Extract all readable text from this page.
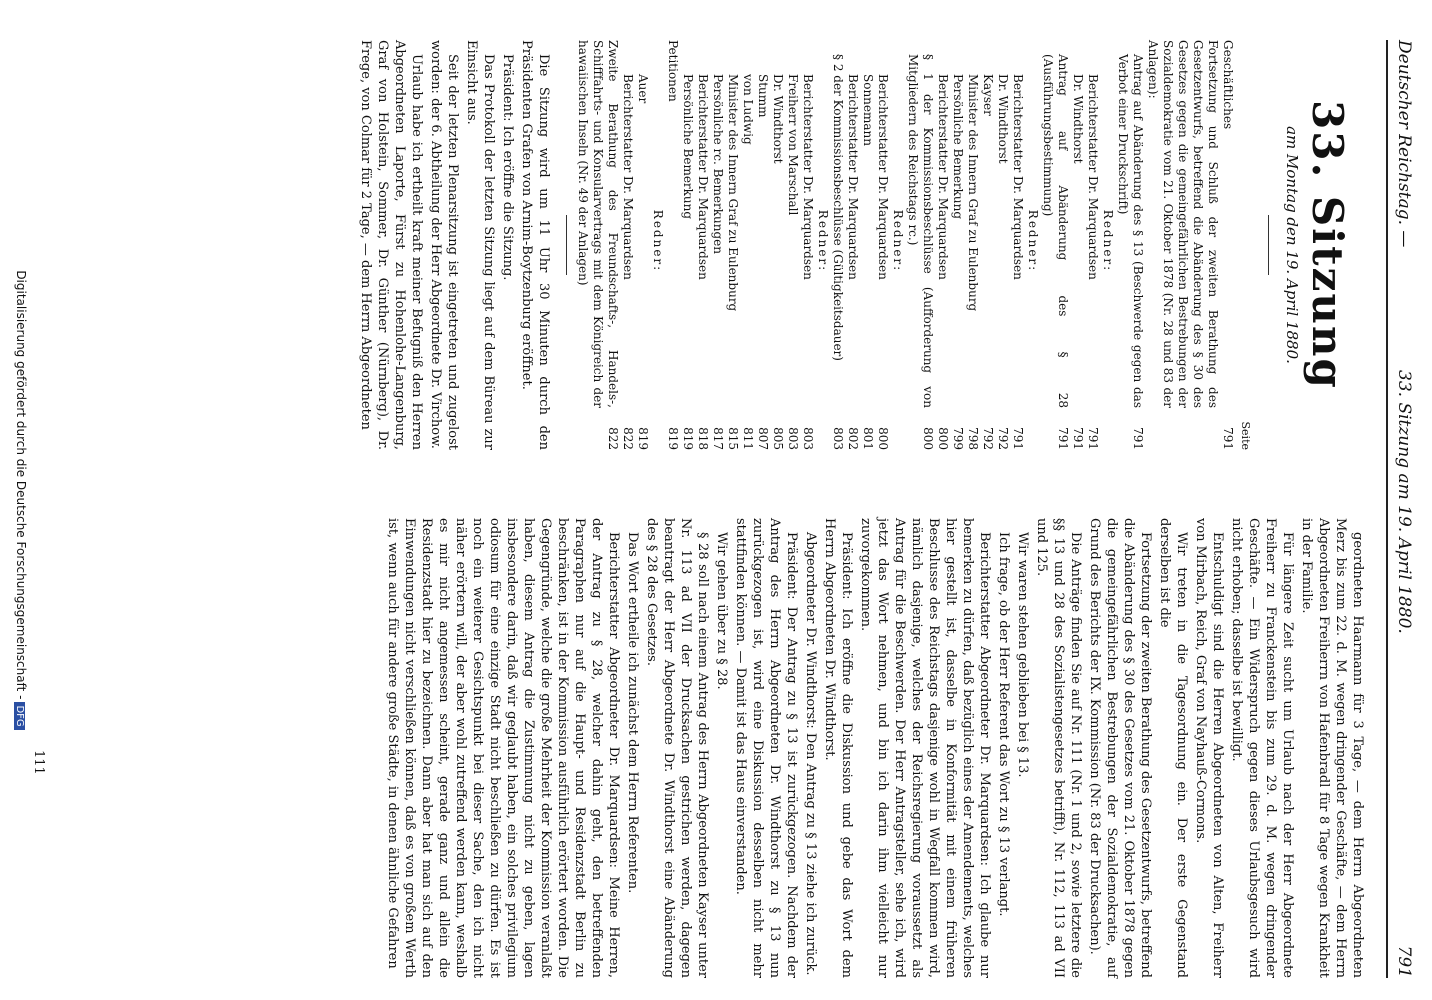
Deutscher Reichstag. —
33. Sitzung am 19. April 1880.
791
33. Sitzung
am Montag den 19. April 1880.
Seite
Geschäftliches
791
Fortsetzung und Schluß der zweiten Berathung des Gesetzentwurfs, betreffend die Abänderung des § 30 des Gesetzes gegen die gemeingefährlichen Bestrebungen der Sozialdemokratie vom 21. Oktober 1878 (Nr. 28 und 83 der Anlagen):
Antrag auf Abänderung des § 13 (Beschwerde gegen das Verbot einer Druckschrift)
791
Redner:
Berichterstatter Dr. Marquardsen
791
Dr. Windthorst
791
Antrag auf Abänderung des § 28 (Ausführungsbestimmung)
791
Redner:
Berichterstatter Dr. Marquardsen
791
Dr. Windthorst
792
Kayser
792
Minister des Innern Graf zu Eulenburg
798
Persönliche Bemerkung
799
Berichterstatter Dr. Marquardsen
800
§ 1 der Kommissionsbeschlüsse (Aufforderung von Mitgliedern des Reichstags rc.)
800
Redner:
Berichterstatter Dr. Marquardsen
800
Sonnemann
801
Berichterstatter Dr. Marquardsen
802
§ 2 der Kommissionsbeschlüsse (Gültigkeitsdauer)
803
Redner:
Berichterstatter Dr. Marquardsen
803
Freiherr von Marschall
803
Dr. Windthorst
805
Stumm
807
von Ludwig
811
Minister des Innern Graf zu Eulenburg
815
Persönliche rc. Bemerkungen
817
Berichterstatter Dr. Marquardsen
818
Persönliche Bemerkung
819
Petitionen
819
Redner:
Auer
819
Berichterstatter Dr. Marquardsen
822
Zweite Berathung des Freundschafts-, Handels-, Schifffahrts- und Konsularvertrags mit dem Königreich der hawaiischen Inseln (Nr. 49 der Anlagen)
822

Die Sitzung wird um 11 Uhr 30 Minuten durch den Präsidenten Grafen von Arnim-Boytzenburg eröffnet.

Präsident: Ich eröffne die Sitzung.

Das Protokoll der letzten Sitzung liegt auf dem Büreau zur Einsicht aus.

Seit der letzten Plenarsitzung ist eingetreten und zugelost worden: der 6. Abtheilung der Herr Abgeordnete Dr. Virchow.

Urlaub habe ich ertheilt kraft meiner Befugniß den Herren Abgeordneten Laporte, Fürst zu Hohenlohe-Langenburg, Graf von Holstein, Sommer, Dr. Günther (Nürnberg), Dr. Frege, von Colmar für 2 Tage, — dem Herrn Abgeordneten

geordneten Haarmann für 3 Tage, — dem Herrn Abgeordneten Merz bis zum 22. d. M. wegen dringender Geschäfte, — dem Herrn Abgeordneten Freiherrn von Hafenbradl für 8 Tage wegen Krankheit in der Familie.

Für längere Zeit sucht um Urlaub nach der Herr Abgeordnete Freiherr zu Franckenstein bis zum 29. d. M. wegen dringender Geschäfte. — Ein Widerspruch gegen dieses Urlaubsgesuch wird nicht erhoben; dasselbe ist bewilligt.

Entschuldigt sind die Herren Abgeordneten von Alten, Freiherr von Mirbach, Reich, Graf von Nayhauß-Cormons.

Wir treten in die Tagesordnung ein. Der erste Gegenstand derselben ist die

Fortsetzung der zweiten Berathung des Gesetzentwurfs, betreffend die Abänderung des § 30 des Gesetzes vom 21. Oktober 1878 gegen die gemeingefährlichen Bestrebungen der Sozialdemokratie, auf Grund des Berichts der IX. Kommission (Nr. 83 der Drucksachen).

Die Anträge finden Sie auf Nr. 111 (Nr. 1 und 2, sowie letztere die §§ 13 und 28 des Sozialistengesetzes betrifft), Nr. 112, 113 ad VII und 125.

Wir waren stehen geblieben bei § 13.

Ich frage, ob der Herr Referent das Wort zu § 13 verlangt.

Berichterstatter Abgeordneter Dr. Marquardsen: Ich glaube nur bemerken zu dürfen, daß bezüglich eines der Amendements, welches hier gestellt ist, dasselbe in Konformität mit einem früheren Beschlusse des Reichstags dasjenige wohl in Wegfall kommen wird, nämlich dasjenige, welches der Reichsregierung voraussetzt als Antrag für die Beschwerden. Der Herr Antragsteller, sehe ich, wird jetzt das Wort nehmen, und bin ich darin ihm vielleicht nur zuvorgekommen.

Präsident: Ich eröffne die Diskussion und gebe das Wort dem Herrn Abgeordneten Dr. Windthorst.

Abgeordneter Dr. Windthorst: Den Antrag zu § 13 ziehe ich zurück.

Präsident: Der Antrag zu § 13 ist zurückgezogen. Nachdem der Antrag des Herrn Abgeordneten Dr. Windthorst zu § 13 nun zurückgezogen ist, wird eine Diskussion desselben nicht mehr stattfinden können. — Damit ist das Haus einverstanden.

Wir gehen über zu § 28.

§ 28 soll nach einem Antrag des Herrn Abgeordneten Kayser unter Nr. 113 ad VII der Drucksachen gestrichen werden, dagegen beantragt der Herr Abgeordnete Dr. Windthorst eine Abänderung des § 28 des Gesetzes.

Das Wort ertheile ich zunächst dem Herrn Referenten.

Berichterstatter Abgeordneter Dr. Marquardsen: Meine Herren, der Antrag zu § 28, welcher dahin geht, den betreffenden Paragraphen nur auf die Haupt- und Residenzstadt Berlin zu beschränken, ist in der Kommission ausführlich erörtert worden. Die Gegengründe, welche die große Mehrheit der Kommission veranlaßt haben, diesem Antrag die Zustimmung nicht zu geben, lagen insbesondere darin, daß wir geglaubt haben, ein solches privilegium odiosum für eine einzige Stadt nicht beschließen zu dürfen. Es ist noch ein weiterer Gesichtspunkt bei dieser Sache, den ich nicht näher erörtern will, der aber wohl zutreffend werden kann, weshalb es mir nicht angemessen scheint, gerade ganz und allein die Residenzstadt hier zu bezeichnen. Dann aber hat man sich auf den Einwendungen nicht verschließen können, daß es von großem Werth ist, wenn auch für andere große Städte, in denen ähnliche Gefahren

111
Digitalisierung gefördert durch die Deutsche Forschungsgemeinschaft -DFG
